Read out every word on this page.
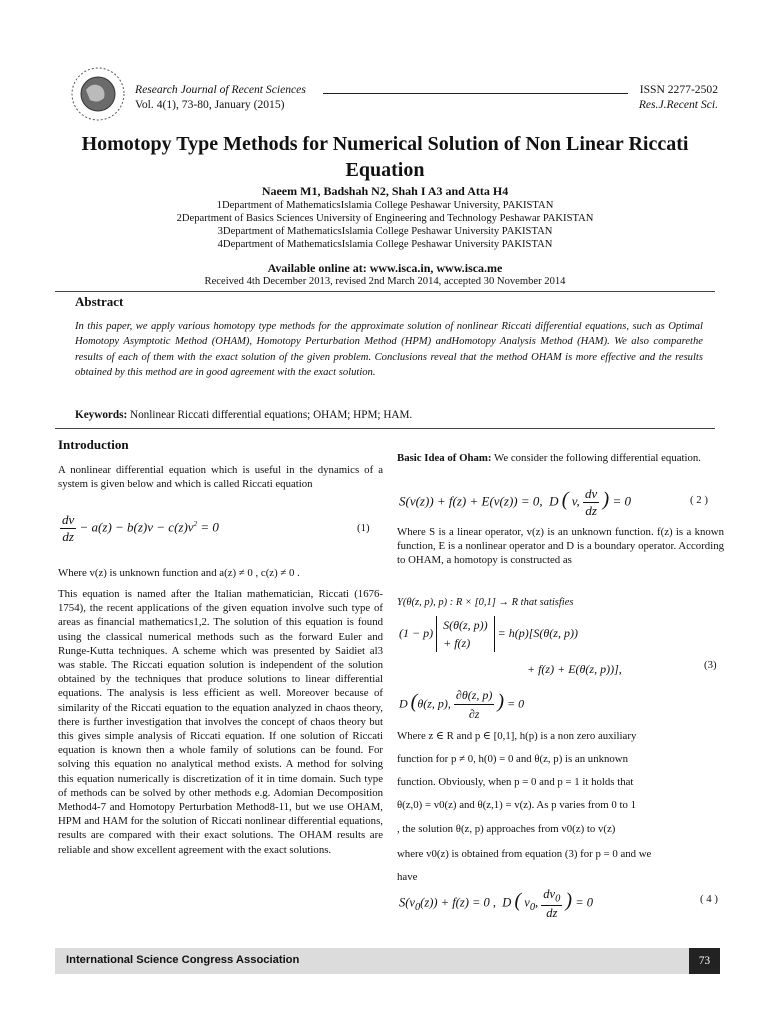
Research Journal of Recent Sciences
Vol. 4(1), 73-80, January (2015)
ISSN 2277-2502
Res.J.Recent Sci.
Homotopy Type Methods for Numerical Solution of Non Linear Riccati
Equation
Naeem M1, Badshah N2, Shah I A3 and Atta H4
1Department of MathematicsIslamia College Peshawar University, PAKISTAN
2Department of Basics Sciences University of Engineering and Technology Peshawar PAKISTAN
3Department of MathematicsIslamia College Peshawar University PAKISTAN
4Department of MathematicsIslamia College Peshawar University PAKISTAN
Available online at: www.isca.in, www.isca.me
Received 4th December 2013, revised 2nd March 2014, accepted 30 November 2014
Abstract
In this paper, we apply various homotopy type methods for the approximate solution of nonlinear Riccati differential equations, such as Optimal Homotopy Asymptotic Method (OHAM), Homotopy Perturbation Method (HPM) andHomotopy Analysis Method (HAM). We also comparethe results of each of them with the exact solution of the given problem. Conclusions reveal that the method OHAM is more effective and the results obtained by this method are in good agreement with the exact solution.
Keywords: Nonlinear Riccati differential equations; OHAM; HPM; HAM.
Introduction
A nonlinear differential equation which is useful in the dynamics of a system is given below and which is called Riccati equation
$\frac{dv}{dz} - a(z) - b(z)v - c(z)v^2 = 0$	(1)
Where v(z) is unknown function and a(z) ≠ 0 , c(z) ≠ 0 .
This equation is named after the Italian mathematician, Riccati (1676-1754), the recent applications of the given equation involve such type of areas as financial mathematics1,2. The solution of this equation is found using the classical numerical methods such as the forward Euler and Runge-Kutta techniques. A scheme which was presented by Saidiet al3 was stable. The Riccati equation solution is independent of the solution obtained by the techniques that produce solutions to linear differential equations. The analysis is less efficient as well. Moreover because of similarity of the Riccati equation to the equation analyzed in chaos theory, there is further investigation that involves the concept of chaos theory but this gives simple analysis of Riccati equation. If one solution of Riccati equation is known then a whole family of solutions can be found. For solving this equation no analytical method exists. A method for solving this equation numerically is discretization of it in time domain. Such type of methods can be solved by other methods e.g. Adomian Decomposition Method4-7 and Homotopy Perturbation Method8-11, but we use OHAM, HPM and HAM for the solution of Riccati nonlinear differential equations, results are compared with their exact solutions. The OHAM results are reliable and show excellent agreement with the exact solutions.
Basic Idea of Oham: We consider the following differential equation.
S(v(z)) + f(z) + E(v(z)) = 0,  D ( v, $\frac{dv}{dz}$ ) = 0	( 2 )
Where S is a linear operator, v(z) is an unknown function. f(z) is a known function, E is a nonlinear operator and D is a boundary operator. According to OHAM, a homotopy is constructed as
Y(θ(z, p), p) : R × [0,1] → R that satisfies
(1 − p) S(θ(z, p))
+ f(z) = h(p)[S(θ(z, p))
+ f(z) + E(θ(z, p))],
D (θ(z, p), $\frac{\partial\theta(z, p)}{\partial z}$ ) = 0
(3)
Where z ∈ R and p ∈ [0,1], h(p) is a non zero auxiliary
function for p ≠ 0, h(0) = 0 and θ(z, p) is an unknown
function. Obviously, when p = 0 and p = 1 it holds that
θ(z,0) = v0(z) and θ(z,1) = v(z). As p varies from 0 to 1
, the solution θ(z, p) approaches from v0(z) to v(z)
where v0(z) is obtained from equation (3) for p = 0 and we
have
$S(v_0(z)) + f(z) = 0$ ,  D ( $v_0$, $\frac{dv_0}{dz}$ ) = 0	( 4 )
International Science Congress Association	73
